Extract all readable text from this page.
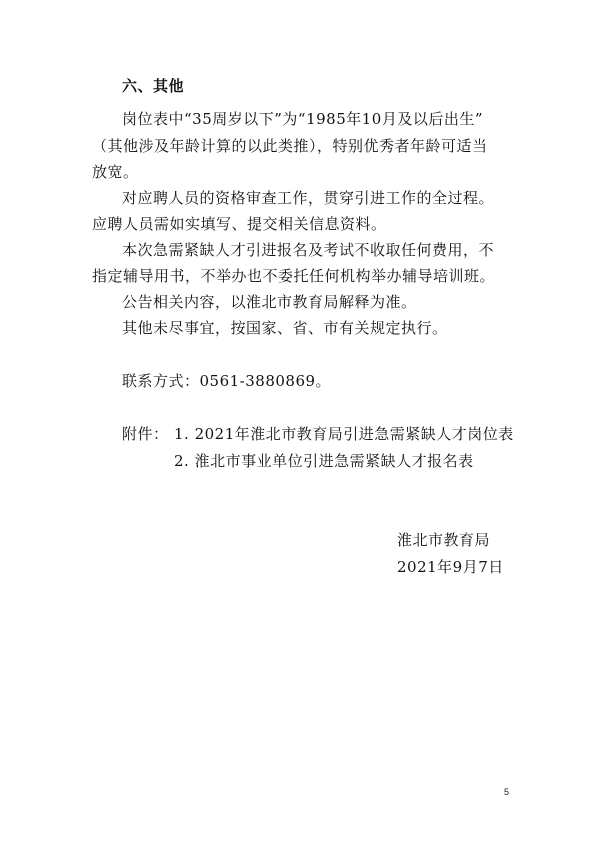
六、其他
岗位表中“35周岁以下”为“1985年10月及以后出生”
（其他涉及年龄计算的以此类推），特别优秀者年龄可适当
放宽。
对应聘人员的资格审查工作，贯穿引进工作的全过程。
应聘人员需如实填写、提交相关信息资料。
本次急需紧缺人才引进报名及考试不收取任何费用，不
指定辅导用书，不举办也不委托任何机构举办辅导培训班。
公告相关内容，以淮北市教育局解释为准。
其他未尽事宜，按国家、省、市有关规定执行。
联系方式：0561-3880869。
附件： 1. 2021年淮北市教育局引进急需紧缺人才岗位表
2. 淮北市事业单位引进急需紧缺人才报名表
淮北市教育局
2021年9月7日
5
